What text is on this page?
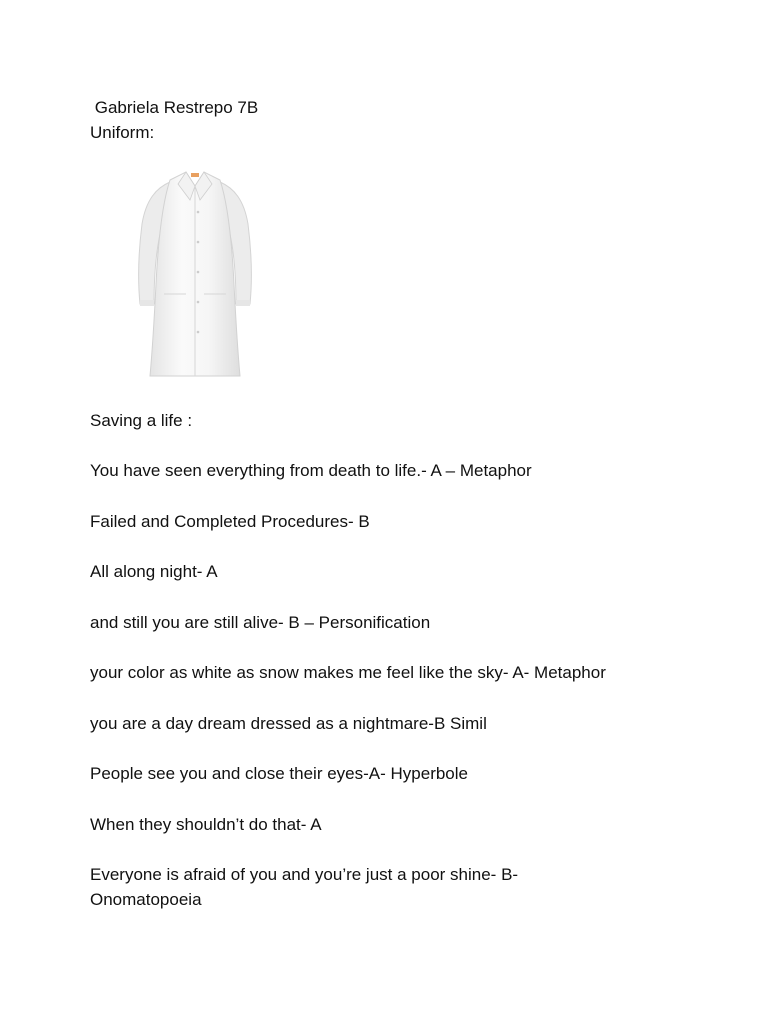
Gabriela Restrepo 7B
Uniform:
Saving a life :
You have seen everything from death to life.- A – Metaphor
Failed and Completed Procedures- B
All along night- A
and still you are still alive- B – Personification
your color as white as snow makes me feel like the sky- A- Metaphor
you are a day dream dressed as a nightmare-B Simil
People see you and close their eyes-A- Hyperbole
When they shouldn’t do that- A
Everyone is afraid of you and you’re just a poor shine- B- Onomatopoeia
